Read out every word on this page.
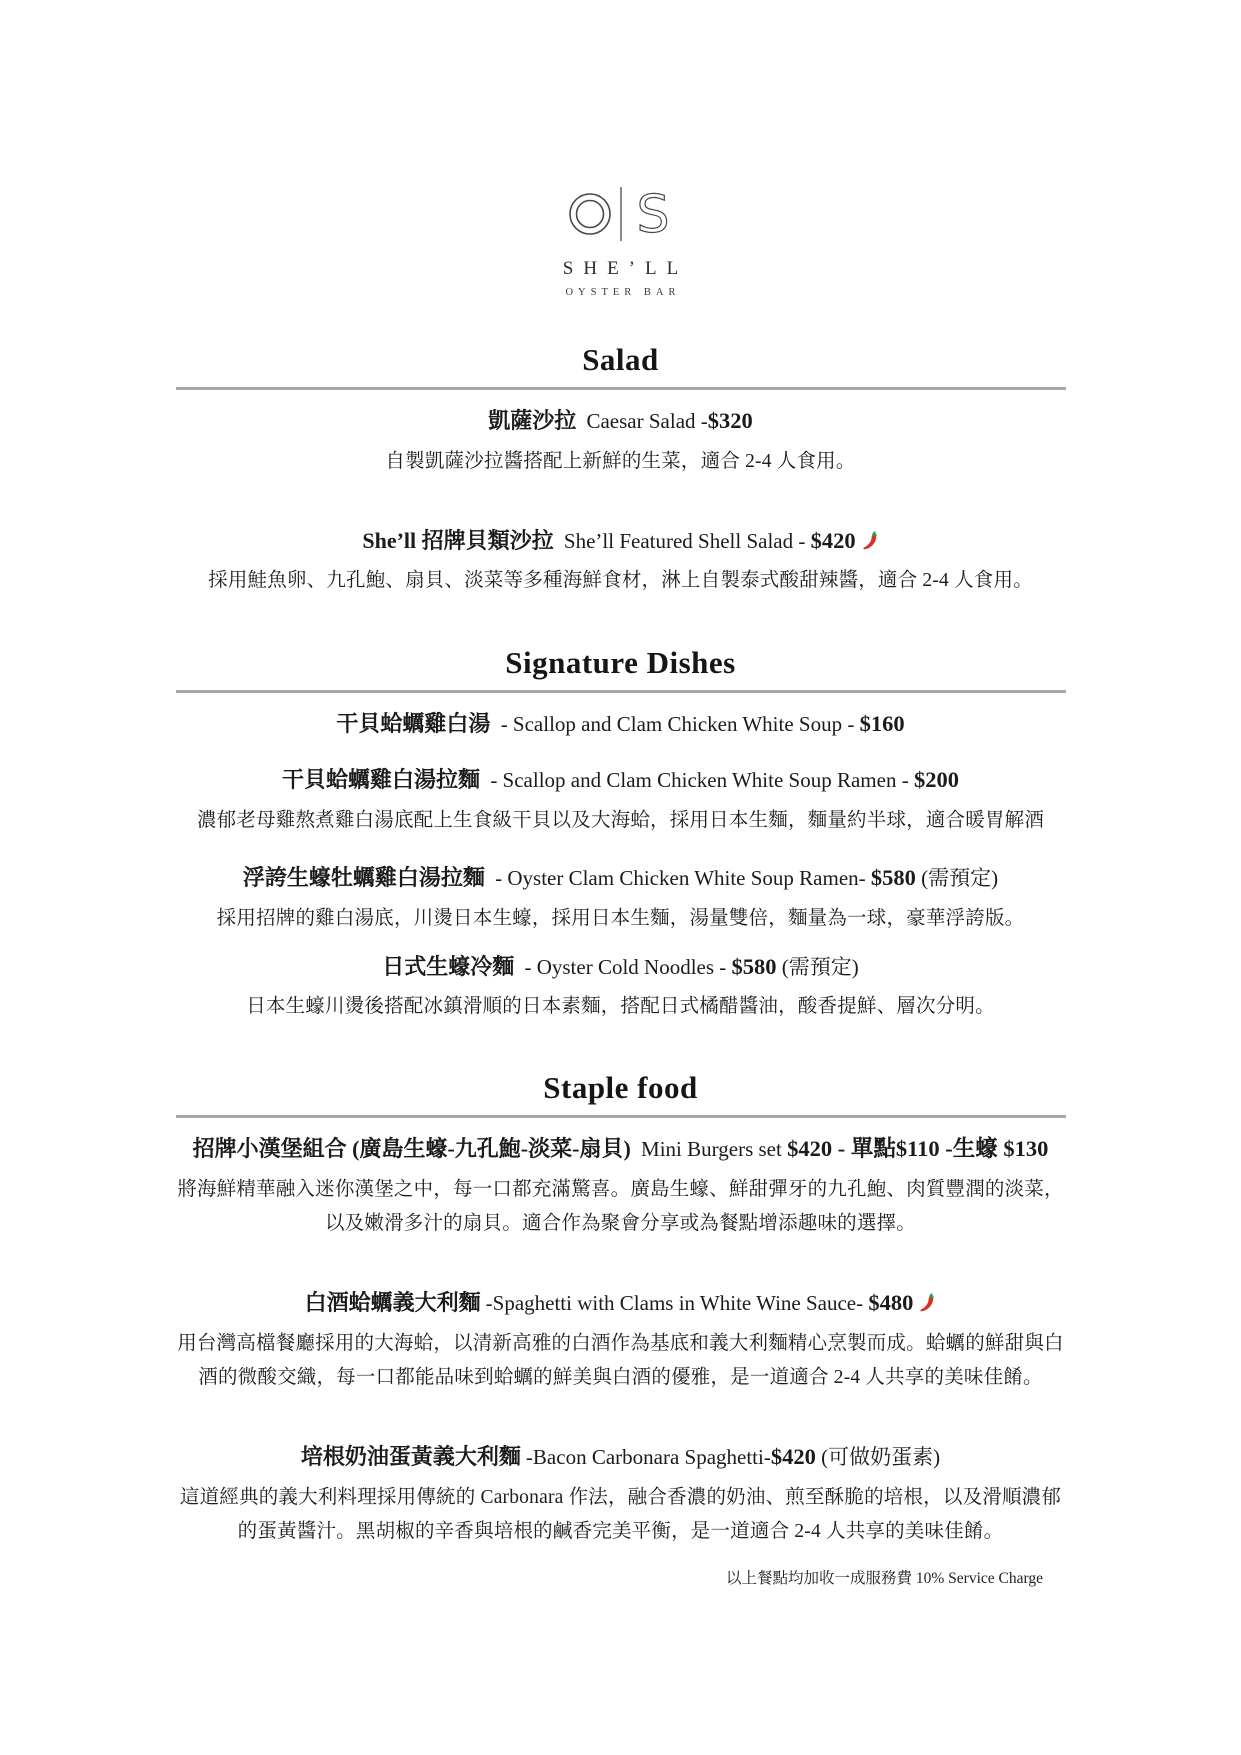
S
SHE’LL
OYSTER BAR
Salad
凱薩沙拉 Caesar Salad -$320

自製凱薩沙拉醬搭配上新鮮的生菜，適合 2-4 人食用。

She’ll 招牌貝類沙拉 She’ll Featured Shell Salad - $420

採用鮭魚卵、九孔鮑、扇貝、淡菜等多種海鮮食材，淋上自製泰式酸甜辣醬，適合 2-4 人食用。

Signature Dishes
干貝蛤蠣雞白湯 - Scallop and Clam Chicken White Soup - $160
干貝蛤蠣雞白湯拉麵 - Scallop and Clam Chicken White Soup Ramen - $200

濃郁老母雞熬煮雞白湯底配上生食級干貝以及大海蛤，採用日本生麵，麵量約半球，適合暖胃解酒

浮誇生蠔牡蠣雞白湯拉麵 - Oyster Clam Chicken White Soup Ramen- $580 (需預定)

採用招牌的雞白湯底，川燙日本生蠔，採用日本生麵，湯量雙倍，麵量為一球，豪華浮誇版。

日式生蠔冷麵 - Oyster Cold Noodles - $580 (需預定)

日本生蠔川燙後搭配冰鎮滑順的日本素麵，搭配日式橘醋醬油，酸香提鮮、層次分明。

Staple food
招牌小漢堡組合 (廣島生蠔-九孔鮑-淡菜-扇貝) Mini Burgers set $420 - 單點$110 -生蠔 $130

將海鮮精華融入迷你漢堡之中，每一口都充滿驚喜。廣島生蠔、鮮甜彈牙的九孔鮑、肉質豐潤的淡菜，以及嫩滑多汁的扇貝。適合作為聚會分享或為餐點增添趣味的選擇。

白酒蛤蠣義大利麵 -Spaghetti with Clams in White Wine Sauce- $480

用台灣高檔餐廳採用的大海蛤，以清新高雅的白酒作為基底和義大利麵精心烹製而成。蛤蠣的鮮甜與白酒的微酸交織，每一口都能品味到蛤蠣的鮮美與白酒的優雅，是一道適合 2-4 人共享的美味佳餚。

培根奶油蛋黃義大利麵 -Bacon Carbonara Spaghetti-$420 (可做奶蛋素)

這道經典的義大利料理採用傳統的 Carbonara 作法，融合香濃的奶油、煎至酥脆的培根，以及滑順濃郁的蛋黃醬汁。黑胡椒的辛香與培根的鹹香完美平衡，是一道適合 2-4 人共享的美味佳餚。

以上餐點均加收一成服務費 10% Service Charge
